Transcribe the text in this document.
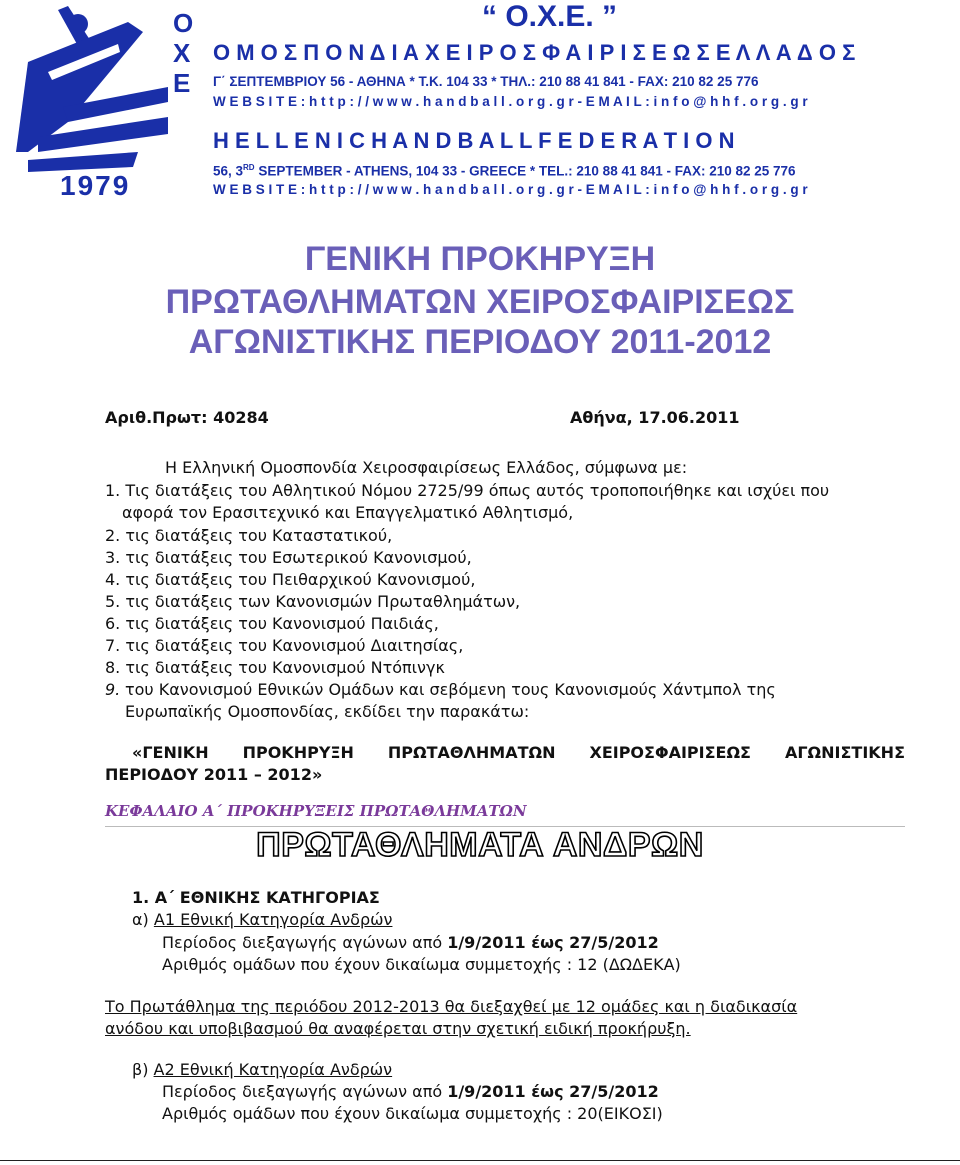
Ο
Χ
Ε
1979
“ Ο.Χ.Ε. ”
Ο Μ Ο Σ Π Ο Ν Δ Ι Α Χ Ε Ι Ρ Ο Σ Φ Α Ι Ρ Ι Σ Ε Ω Σ Ε Λ Λ Α Δ Ο Σ
Γ΄ ΣΕΠΤΕΜΒΡΙΟΥ 56 - ΑΘΗΝΑ * Τ.Κ. 104 33 * ΤΗΛ.: 210 88 41 841 - FAX: 210 82 25 776
W E B S I T E : h t t p : / / w w w . h a n d b a l l . o r g . g r - E M A I L : i n f o @ h h f . o r g . g r
H E L L E N I C H A N D B A L L F E D E R A T I O N
56, 3RD SEPTEMBER - ATHENS, 104 33 - GREECE * TEL.: 210 88 41 841 - FAX: 210 82 25 776
W E B S I T E : h t t p : / / w w w . h a n d b a l l . o r g . g r - E M A I L : i n f o @ h h f . o r g . g r
ΓΕΝΙΚΗ ΠΡΟΚΗΡΥΞΗ
ΠΡΩΤΑΘΛΗΜΑΤΩΝ ΧΕΙΡΟΣΦΑΙΡΙΣΕΩΣ
ΑΓΩΝΙΣΤΙΚΗΣ ΠΕΡΙΟΔΟΥ 2011-2012
Αριθ.Πρωτ: 40284	Αθήνα, 17.06.2011
Η Ελληνική Ομοσπονδία Χειροσφαιρίσεως Ελλάδος, σύμφωνα με:
1. Τις διατάξεις του Αθλητικού Νόμου 2725/99 όπως αυτός τροποποιήθηκε και ισχύει που
αφορά τον Ερασιτεχνικό και Επαγγελματικό Αθλητισμό,
2. τις διατάξεις του Καταστατικού,
3. τις διατάξεις του Εσωτερικού Κανονισμού,
4. τις διατάξεις του Πειθαρχικού Κανονισμού,
5. τις διατάξεις των Κανονισμών Πρωταθλημάτων,
6. τις διατάξεις του Κανονισμού Παιδιάς,
7. τις διατάξεις του Κανονισμού Διαιτησίας,
8. τις διατάξεις του Κανονισμού Ντόπινγκ
9. του Κανονισμού Εθνικών Ομάδων και σεβόμενη τους Κανονισμούς Χάντμπολ της
Ευρωπαϊκής Ομοσπονδίας, εκδίδει την παρακάτω:
«ΓΕΝΙΚΗ ΠΡΟΚΗΡΥΞΗ ΠΡΩΤΑΘΛΗΜΑΤΩΝ ΧΕΙΡΟΣΦΑΙΡΙΣΕΩΣ ΑΓΩΝΙΣΤΙΚΗΣ
ΠΕΡΙΟΔΟΥ 2011 – 2012»
ΚΕΦΑΛΑΙΟ Α΄ ΠΡΟΚΗΡΥΞΕΙΣ ΠΡΩΤΑΘΛΗΜΑΤΩΝ
ΠΡΩΤΑΘΛΗΜΑΤΑ ΑΝΔΡΩΝ
1. Α΄ ΕΘΝΙΚΗΣ ΚΑΤΗΓΟΡΙΑΣ
α) Α1 Εθνική Κατηγορία Ανδρών
Περίοδος διεξαγωγής αγώνων από 1/9/2011 έως 27/5/2012
Αριθμός ομάδων που έχουν δικαίωμα συμμετοχής : 12 (ΔΩΔΕΚΑ)
Το Πρωτάθλημα της περιόδου 2012-2013 θα διεξαχθεί με 12 ομάδες και η διαδικασία
ανόδου και υποβιβασμού θα αναφέρεται στην σχετική ειδική προκήρυξη.
β) Α2 Εθνική Κατηγορία Ανδρών
Περίοδος διεξαγωγής αγώνων από 1/9/2011 έως 27/5/2012
Αριθμός ομάδων που έχουν δικαίωμα συμμετοχής : 20(ΕΙΚΟΣΙ)
